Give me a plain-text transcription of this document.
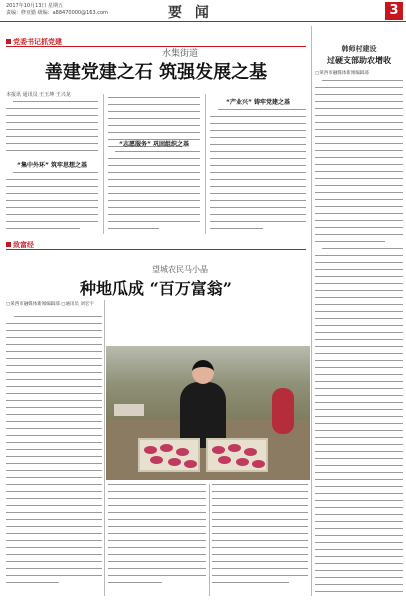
2017年10月13日 星期五
责编：修亚勤 级编：a88470000@163.com	要 闻	3
党委书记抓党建
水集街道
善建党建之石 筑强发展之基
本报讯 通讯员 王玉坤 王兴龙
“集中外环” 筑牢思想之基
“志愿服务” 巩固组织之基
“产业兴” 铸牢党建之基
韩师村建设
过硬支部助农增收
▢莱西市融媒体新闻编辑部
致富经
望城农民马小晶
种地瓜成 “百万富翁”
▢莱西市融媒体新闻编辑部 ▢通讯员 刘宏宇
